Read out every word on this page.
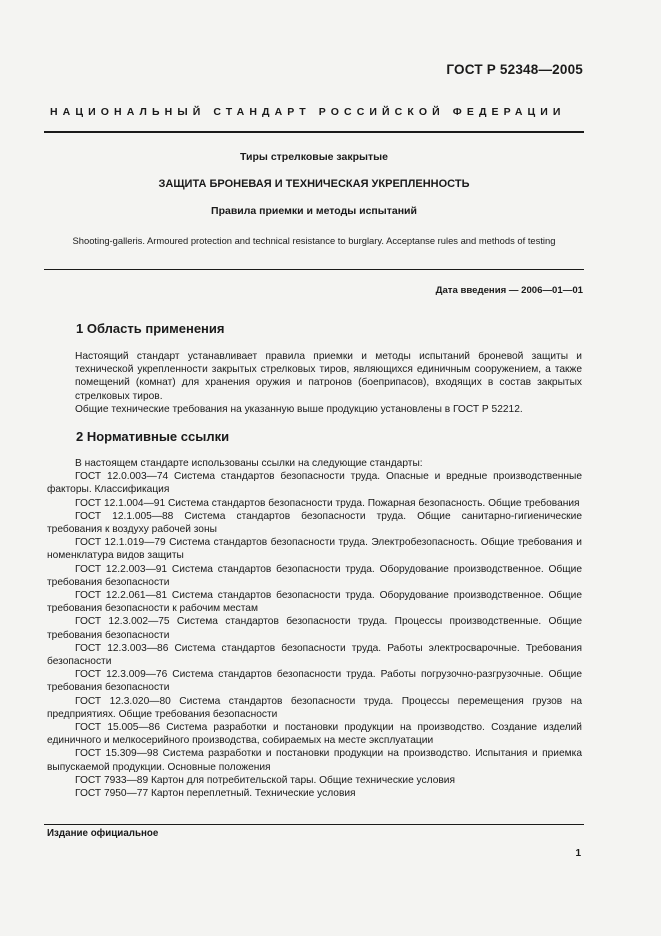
ГОСТ Р 52348—2005
НАЦИОНАЛЬНЫЙ СТАНДАРТ РОССИЙСКОЙ ФЕДЕРАЦИИ
Тиры стрелковые закрытые
ЗАЩИТА БРОНЕВАЯ И ТЕХНИЧЕСКАЯ УКРЕПЛЕННОСТЬ
Правила приемки и методы испытаний
Shooting-galleris. Armoured protection and technical resistance to burglary. Acceptanse rules and methods of testing
Дата введения — 2006—01—01
1 Область применения

Настоящий стандарт устанавливает правила приемки и методы испытаний броневой защиты и технической укрепленности закрытых стрелковых тиров, являющихся единичным сооружением, а также помещений (комнат) для хранения оружия и патронов (боеприпасов), входящих в состав закрытых стрелковых тиров.

Общие технические требования на указанную выше продукцию установлены в ГОСТ Р 52212.

2 Нормативные ссылки

В настоящем стандарте использованы ссылки на следующие стандарты:

ГОСТ 12.0.003—74 Система стандартов безопасности труда. Опасные и вредные производственные факторы. Классификация

ГОСТ 12.1.004—91 Система стандартов безопасности труда. Пожарная безопасность. Общие требования

ГОСТ 12.1.005—88 Система стандартов безопасности труда. Общие санитарно-гигиенические требования к воздуху рабочей зоны

ГОСТ 12.1.019—79 Система стандартов безопасности труда. Электробезопасность. Общие требования и номенклатура видов защиты

ГОСТ 12.2.003—91 Система стандартов безопасности труда. Оборудование производственное. Общие требования безопасности

ГОСТ 12.2.061—81 Система стандартов безопасности труда. Оборудование производственное. Общие требования безопасности к рабочим местам

ГОСТ 12.3.002—75 Система стандартов безопасности труда. Процессы производственные. Общие требования безопасности

ГОСТ 12.3.003—86 Система стандартов безопасности труда. Работы электросварочные. Требования безопасности

ГОСТ 12.3.009—76 Система стандартов безопасности труда. Работы погрузочно-разгрузочные. Общие требования безопасности

ГОСТ 12.3.020—80 Система стандартов безопасности труда. Процессы перемещения грузов на предприятиях. Общие требования безопасности

ГОСТ 15.005—86 Система разработки и постановки продукции на производство. Создание изделий единичного и мелкосерийного производства, собираемых на месте эксплуатации

ГОСТ 15.309—98 Система разработки и постановки продукции на производство. Испытания и приемка выпускаемой продукции. Основные положения

ГОСТ 7933—89 Картон для потребительской тары. Общие технические условия

ГОСТ 7950—77 Картон переплетный. Технические условия

Издание официальное
1
